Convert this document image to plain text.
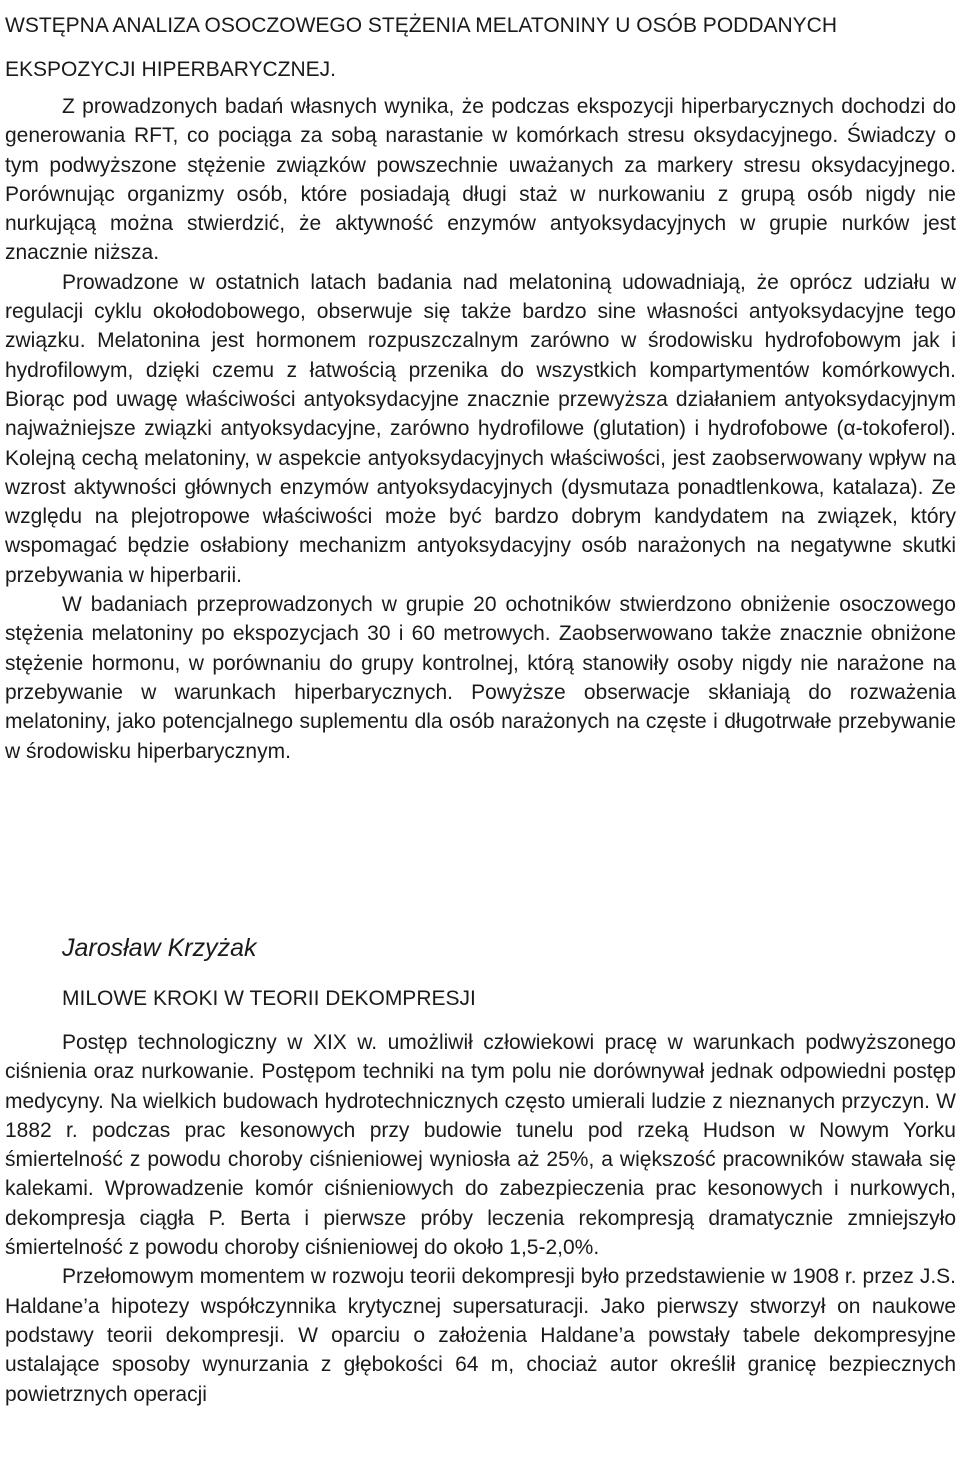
WSTĘPNA ANALIZA OSOCZOWEGO STĘŻENIA MELATONINY U OSÓB PODDANYCH
EKSPOZYCJI HIPERBARYCZNEJ.

Z prowadzonych badań własnych wynika, że podczas ekspozycji hiperbarycznych dochodzi do generowania RFT, co pociąga za sobą narastanie w komórkach stresu oksydacyjnego. Świadczy o tym podwyższone stężenie związków powszechnie uważanych za markery stresu oksydacyjnego. Porównując organizmy osób, które posiadają długi staż w nurkowaniu z grupą osób nigdy nie nurkującą można stwierdzić, że aktywność enzymów antyoksydacyjnych w grupie nurków jest znacznie niższa.

Prowadzone w ostatnich latach badania nad melatoniną udowadniają, że oprócz udziału w regulacji cyklu okołodobowego, obserwuje się także bardzo sine własności antyoksydacyjne tego związku. Melatonina jest hormonem rozpuszczalnym zarówno w środowisku hydrofobowym jak i hydrofilowym, dzięki czemu z łatwością przenika do wszystkich kompartymentów komórkowych. Biorąc pod uwagę właściwości antyoksydacyjne znacznie przewyższa działaniem antyoksydacyjnym najważniejsze związki antyoksydacyjne, zarówno hydrofilowe (glutation) i hydrofobowe (α-tokoferol). Kolejną cechą melatoniny, w aspekcie antyoksydacyjnych właściwości, jest zaobserwowany wpływ na wzrost aktywności głównych enzymów antyoksydacyjnych (dysmutaza ponadtlenkowa, katalaza). Ze względu na plejotropowe właściwości może być bardzo dobrym kandydatem na związek, który wspomagać będzie osłabiony mechanizm antyoksydacyjny osób narażonych na negatywne skutki przebywania w hiperbarii.

W badaniach przeprowadzonych w grupie 20 ochotników stwierdzono obniżenie osoczowego stężenia melatoniny po ekspozycjach 30 i 60 metrowych. Zaobserwowano także znacznie obniżone stężenie hormonu, w porównaniu do grupy kontrolnej, którą stanowiły osoby nigdy nie narażone na przebywanie w warunkach hiperbarycznych. Powyższe obserwacje skłaniają do rozważenia melatoniny, jako potencjalnego suplementu dla osób narażonych na częste i długotrwałe przebywanie w środowisku hiperbarycznym.

Jarosław Krzyżak
MILOWE KROKI W TEORII DEKOMPRESJI

Postęp technologiczny w XIX w. umożliwił człowiekowi pracę w warunkach podwyższonego ciśnienia oraz nurkowanie. Postępom techniki na tym polu nie dorównywał jednak odpowiedni postęp medycyny. Na wielkich budowach hydrotechnicznych często umierali ludzie z nieznanych przyczyn. W 1882 r. podczas prac kesonowych przy budowie tunelu pod rzeką Hudson w Nowym Yorku śmiertelność z powodu choroby ciśnieniowej wyniosła aż 25%, a większość pracowników stawała się kalekami. Wprowadzenie komór ciśnieniowych do zabezpieczenia prac kesonowych i nurkowych, dekompresja ciągła P. Berta i pierwsze próby leczenia rekompresją dramatycznie zmniejszyło śmiertelność z powodu choroby ciśnieniowej do około 1,5-2,0%.

Przełomowym momentem w rozwoju teorii dekompresji było przedstawienie w 1908 r. przez J.S. Haldane’a hipotezy współczynnika krytycznej supersaturacji. Jako pierwszy stworzył on naukowe podstawy teorii dekompresji. W oparciu o założenia Haldane’a powstały tabele dekompresyjne ustalające sposoby wynurzania z głębokości 64 m, chociaż autor określił granicę bezpiecznych powietrznych operacji
